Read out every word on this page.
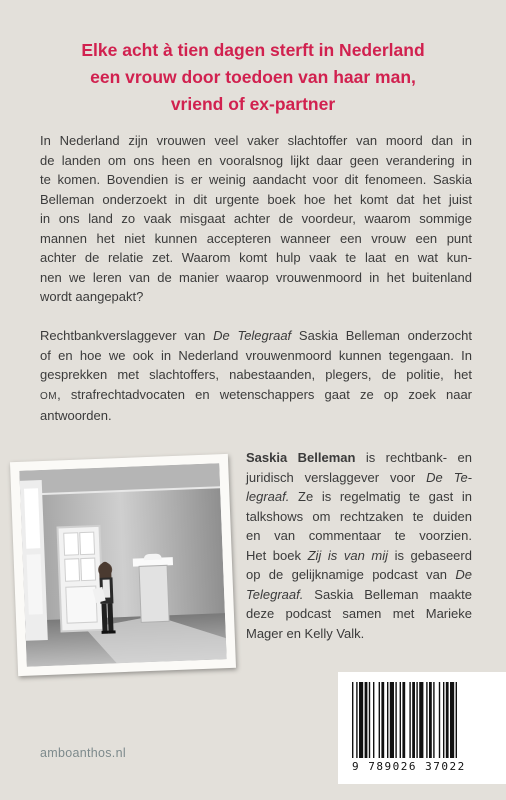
Elke acht à tien dagen sterft in Nederland
een vrouw door toedoen van haar man,
vriend of ex-partner
In Nederland zijn vrouwen veel vaker slachtoffer van moord dan in
de landen om ons heen en vooralsnog lijkt daar geen verandering in
te komen. Bovendien is er weinig aandacht voor dit fenomeen. Saskia
Belleman onderzoekt in dit urgente boek hoe het komt dat het juist
in ons land zo vaak misgaat achter de voordeur, waarom sommige
mannen het niet kunnen accepteren wanneer een vrouw een punt
achter de relatie zet. Waarom komt hulp vaak te laat en wat kun-
nen we leren van de manier waarop vrouwenmoord in het buitenland
wordt aangepakt?
Rechtbankverslaggever van De Telegraaf Saskia Belleman onderzocht
of en hoe we ook in Nederland vrouwenmoord kunnen tegengaan. In
gesprekken met slachtoffers, nabestaanden, plegers, de politie, het
OM, strafrechtadvocaten en wetenschappers gaat ze op zoek naar
antwoorden.
Saskia Belleman is rechtbank- en
juridisch verslaggever voor De Te-
legraaf. Ze is regelmatig te gast in
talkshows om rechtzaken te duiden
en van commentaar te voorzien.
Het boek Zij is van mij is gebaseerd
op de gelijknamige podcast van De
Telegraaf. Saskia Belleman maakte
deze podcast samen met Marieke
Mager en Kelly Valk.
9 789026 37022
amboanthos.nl
